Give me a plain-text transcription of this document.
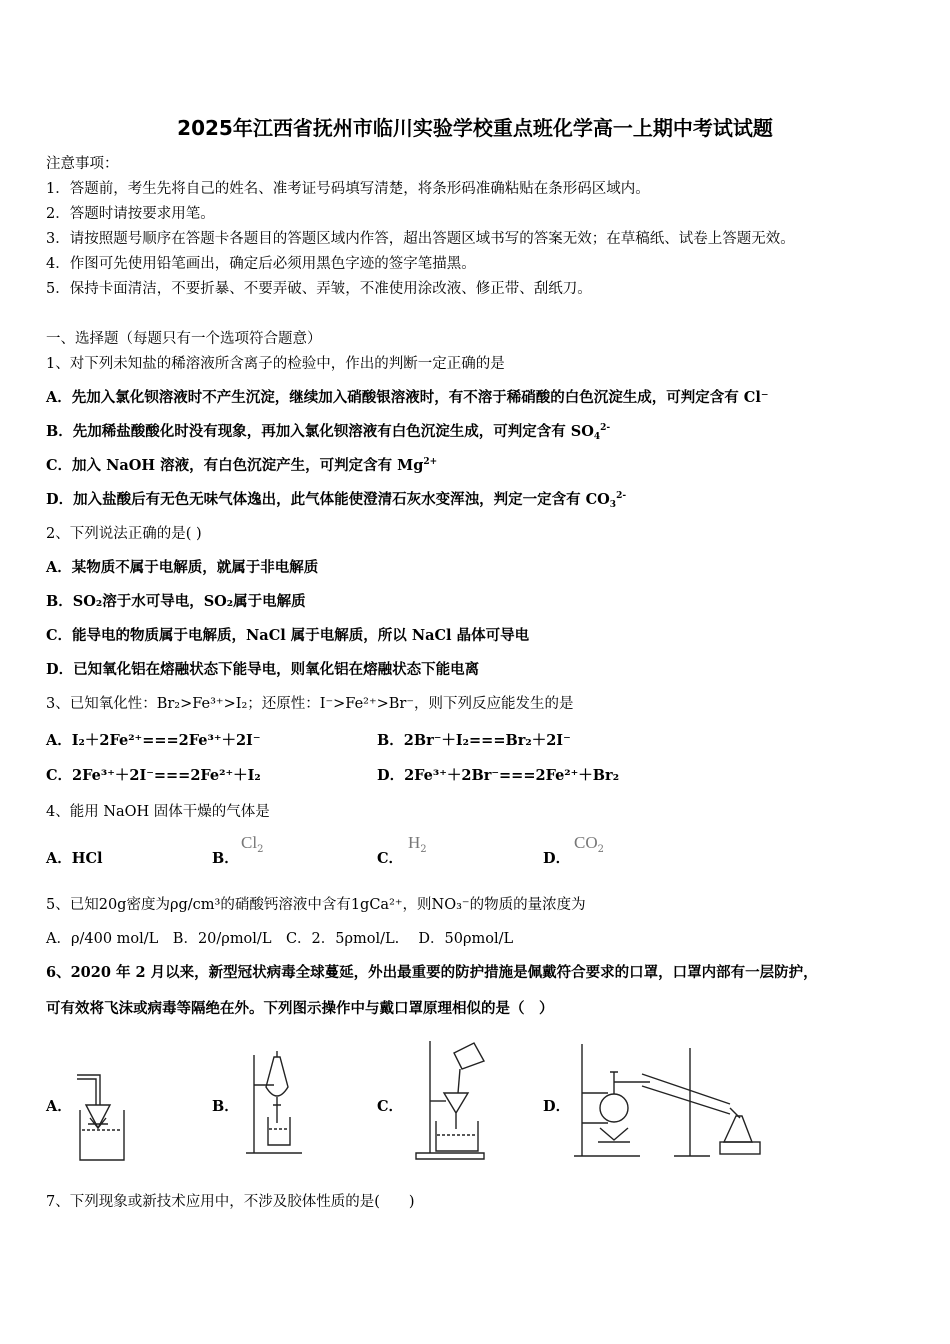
2025年江西省抚州市临川实验学校重点班化学高一上期中考试试题
注意事项：
1．答题前，考生先将自己的姓名、准考证号码填写清楚，将条形码准确粘贴在条形码区域内。
2．答题时请按要求用笔。
3．请按照题号顺序在答题卡各题目的答题区域内作答，超出答题区域书写的答案无效；在草稿纸、试卷上答题无效。
4．作图可先使用铅笔画出，确定后必须用黑色字迹的签字笔描黑。
5．保持卡面清洁，不要折暴、不要弄破、弄皱，不准使用涂改液、修正带、刮纸刀。
一、选择题（每题只有一个选项符合题意）
1、对下列未知盐的稀溶液所含离子的检验中，作出的判断一定正确的是
A．先加入氯化钡溶液时不产生沉淀，继续加入硝酸银溶液时，有不溶于稀硝酸的白色沉淀生成，可判定含有 Cl⁻
B．先加稀盐酸酸化时没有现象，再加入氯化钡溶液有白色沉淀生成，可判定含有 $SO_4^{2-}$
C．加入 NaOH 溶液，有白色沉淀产生，可判定含有 $Mg^{2+}$
D．加入盐酸后有无色无味气体逸出，此气体能使澄清石灰水变浑浊，判定一定含有 $CO_3^{2-}$
2、下列说法正确的是( )
A．某物质不属于电解质，就属于非电解质
B．SO₂溶于水可导电，SO₂属于电解质
C．能导电的物质属于电解质，NaCl 属于电解质，所以 NaCl 晶体可导电
D．已知氧化铝在熔融状态下能导电，则氧化铝在熔融状态下能电离
3、已知氧化性：Br₂>Fe³⁺>I₂；还原性：I⁻>Fe²⁺>Br⁻，则下列反应能发生的是
A．I₂＋2Fe²⁺===2Fe³⁺＋2I⁻	B．2Br⁻＋I₂===Br₂＋2I⁻
C．2Fe³⁺＋2I⁻===2Fe²⁺＋I₂	D．2Fe³⁺＋2Br⁻===2Fe²⁺＋Br₂
4、能用 NaOH 固体干燥的气体是
A．HCl	B．
$Cl_2$
C．
$H_2$
D．
$CO_2$
5、已知20g密度为ρg/cm³的硝酸钙溶液中含有1gCa²⁺，则NO₃⁻的物质的量浓度为
A．ρ/400 mol/L　B．20/ρmol/L　C．2．5ρmol/L.　 D．50ρmol/L
6、2020 年 2 月以来，新型冠状病毒全球蔓延，外出最重要的防护措施是佩戴符合要求的口罩，口罩内部有一层防护，
可有效将飞沫或病毒等隔绝在外。下列图示操作中与戴口罩原理相似的是（　）
A．	B．	C．	D．
7、下列现象或新技术应用中，不涉及胶体性质的是(　　)
